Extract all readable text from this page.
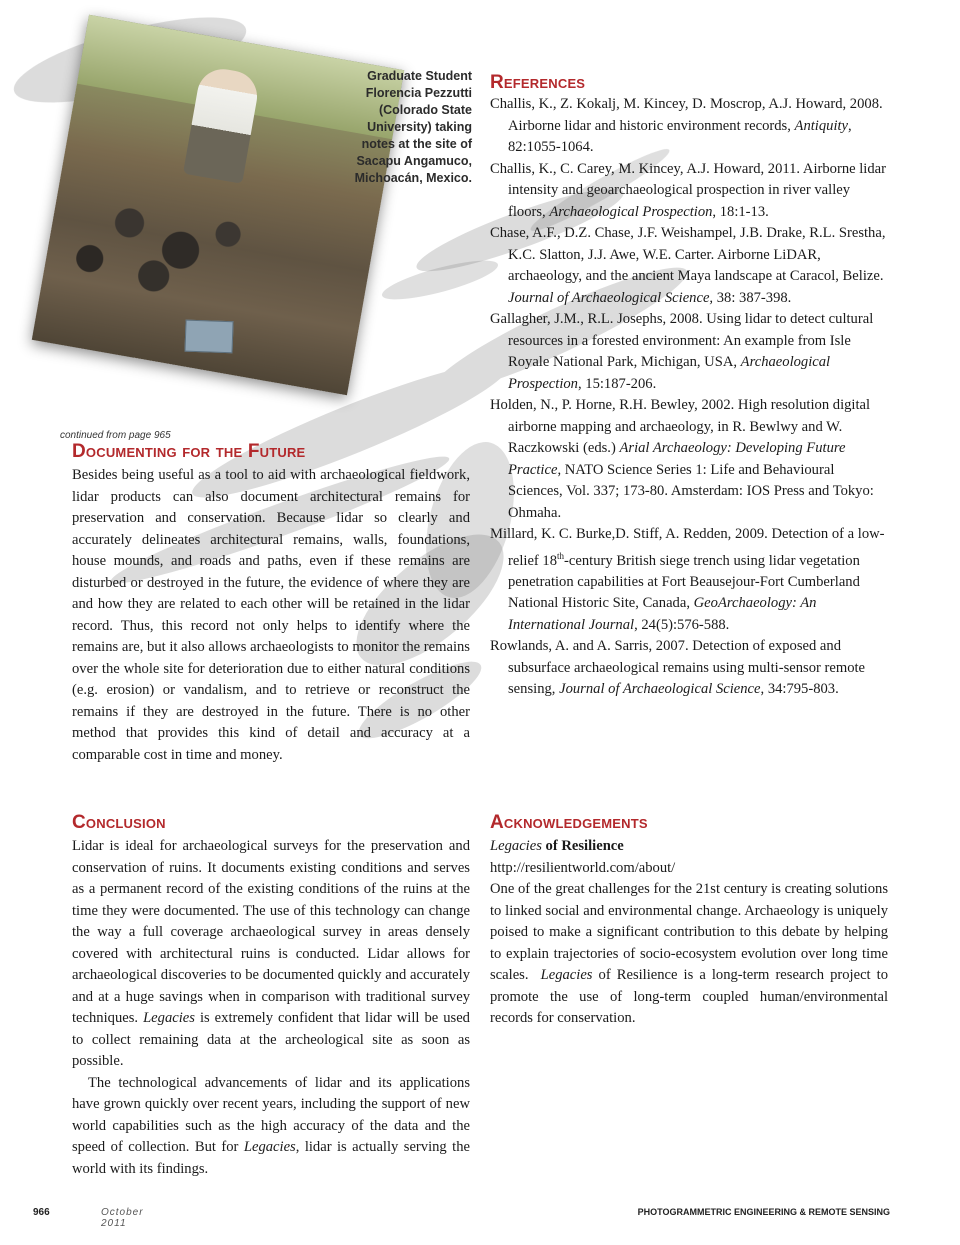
Graduate Student
Florencia Pezzutti
(Colorado State
University) taking
notes at the site of
Sacapu Angamuco,
Michoacán, Mexico.
continued from page 965
Documenting for the Future

Besides being useful as a tool to aid with archaeological fieldwork, lidar products can also document architectural remains for preservation and conservation. Because lidar so clearly and accurately delineates architectural remains, walls, foundations, house mounds, and roads and paths, even if these remains are disturbed or destroyed in the future, the evidence of where they are and how they are related to each other will be retained in the lidar record. Thus, this record not only helps to identify where the remains are, but it also allows archaeologists to monitor the remains over the whole site for deterioration due to either natural conditions (e.g. erosion) or vandalism, and to retrieve or reconstruct the remains if they are destroyed in the future. There is no other method that provides this kind of detail and accuracy at a comparable cost in time and money.

Conclusion

Lidar is ideal for archaeological surveys for the preservation and conservation of ruins. It documents existing conditions and serves as a permanent record of the existing conditions of the ruins at the time they were documented. The use of this technology can change the way a full coverage archaeological survey in areas densely covered with architectural ruins is conducted. Lidar allows for archaeological discoveries to be documented quickly and accurately and at a huge savings when in comparison with traditional survey techniques. Legacies is extremely confident that lidar will be used to collect remaining data at the archeological site as soon as possible.

The technological advancements of lidar and its applications have grown quickly over recent years, including the support of new world capabilities such as the high accuracy of the data and the speed of collection. But for Legacies, lidar is actually serving the world with its findings.

References

Challis, K., Z. Kokalj, M. Kincey, D. Moscrop, A.J. Howard, 2008. Airborne lidar and historic environment records, Antiquity, 82:1055-1064.

Challis, K., C. Carey, M. Kincey, A.J. Howard, 2011. Airborne lidar intensity and geoarchaeological prospection in river valley floors, Archaeological Prospection, 18:1-13.

Chase, A.F., D.Z. Chase, J.F. Weishampel, J.B. Drake, R.L. Srestha, K.C. Slatton, J.J. Awe, W.E. Carter. Airborne LiDAR, archaeology, and the ancient Maya landscape at Caracol, Belize. Journal of Archaeological Science, 38: 387-398.

Gallagher, J.M., R.L. Josephs, 2008. Using lidar to detect cultural resources in a forested environment: An example from Isle Royale National Park, Michigan, USA, Archaeological Prospection, 15:187-206.

Holden, N., P. Horne, R.H. Bewley, 2002. High resolution digital airborne mapping and archaeology, in R. Bewlwy and W. Raczkowski (eds.) Arial Archaeology: Developing Future Practice, NATO Science Series 1: Life and Behavioural Sciences, Vol. 337; 173-80. Amsterdam: IOS Press and Tokyo: Ohmaha.

Millard, K. C. Burke,D. Stiff, A. Redden, 2009. Detection of a low-relief 18th-century British siege trench using lidar vegetation penetration capabilities at Fort Beausejour-Fort Cumberland National Historic Site, Canada, GeoArchaeology: An International Journal, 24(5):576-588.

Rowlands, A. and A. Sarris, 2007. Detection of exposed and subsurface archaeological remains using multi-sensor remote sensing, Journal of Archaeological Science, 34:795-803.

Acknowledgements

Legacies of Resilience

http://resilientworld.com/about/

One of the great challenges for the 21st century is creating solutions to linked social and environmental change. Archaeology is uniquely poised to make a significant contribution to this debate by helping to explain trajectories of socio-ecosystem evolution over long time scales. Legacies of Resilience is a long-term research project to promote the use of long-term coupled human/environmental records for conservation.

966	October 2011
PHOTOGRAMMETRIC ENGINEERING & REMOTE SENSING
